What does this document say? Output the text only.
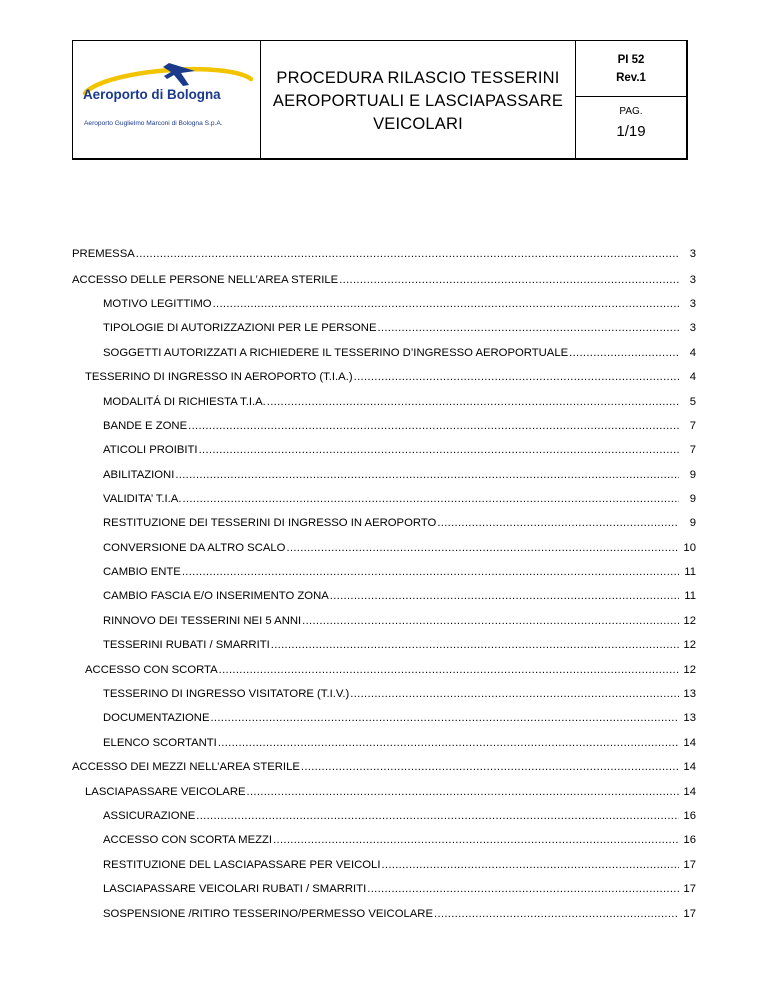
Aeroporto di Bologna
Aeroporto Guglielmo Marconi di Bologna S.p.A.
PROCEDURA RILASCIO TESSERINI
AEROPORTUALI E LASCIAPASSARE
VEICOLARI
PI 52
Rev.1
PAG.
1/19
PREMESSA .....	3
ACCESSO DELLE PERSONE NELL’AREA STERILE .....	3
MOTIVO LEGITTIMO .....	3
TIPOLOGIE DI AUTORIZZAZIONI PER LE PERSONE .....	3
SOGGETTI AUTORIZZATI A RICHIEDERE IL TESSERINO D’INGRESSO AEROPORTUALE .....	4
TESSERINO DI INGRESSO IN AEROPORTO (T.I.A.) .....	4
MODALITÁ DI RICHIESTA T.I.A. .....	5
BANDE E ZONE .....	7
ATICOLI PROIBITI .....	7
ABILITAZIONI .....	9
VALIDITA’ T.I.A. .....	9
RESTITUZIONE DEI TESSERINI DI INGRESSO IN AEROPORTO .....	9
CONVERSIONE DA ALTRO SCALO .....	10
CAMBIO ENTE .....	11
CAMBIO FASCIA E/O INSERIMENTO ZONA .....	11
RINNOVO DEI TESSERINI NEI 5 ANNI .....	12
TESSERINI RUBATI / SMARRITI .....	12
ACCESSO CON SCORTA .....	12
TESSERINO DI INGRESSO VISITATORE (T.I.V.) .....	13
DOCUMENTAZIONE .....	13
ELENCO SCORTANTI .....	14
ACCESSO DEI MEZZI NELL’AREA STERILE .....	14
LASCIAPASSARE VEICOLARE .....	14
ASSICURAZIONE .....	16
ACCESSO CON SCORTA MEZZI .....	16
RESTITUZIONE DEL LASCIAPASSARE PER VEICOLI .....	17
LASCIAPASSARE VEICOLARI RUBATI / SMARRITI .....	17
SOSPENSIONE /RITIRO TESSERINO/PERMESSO VEICOLARE .....	17
